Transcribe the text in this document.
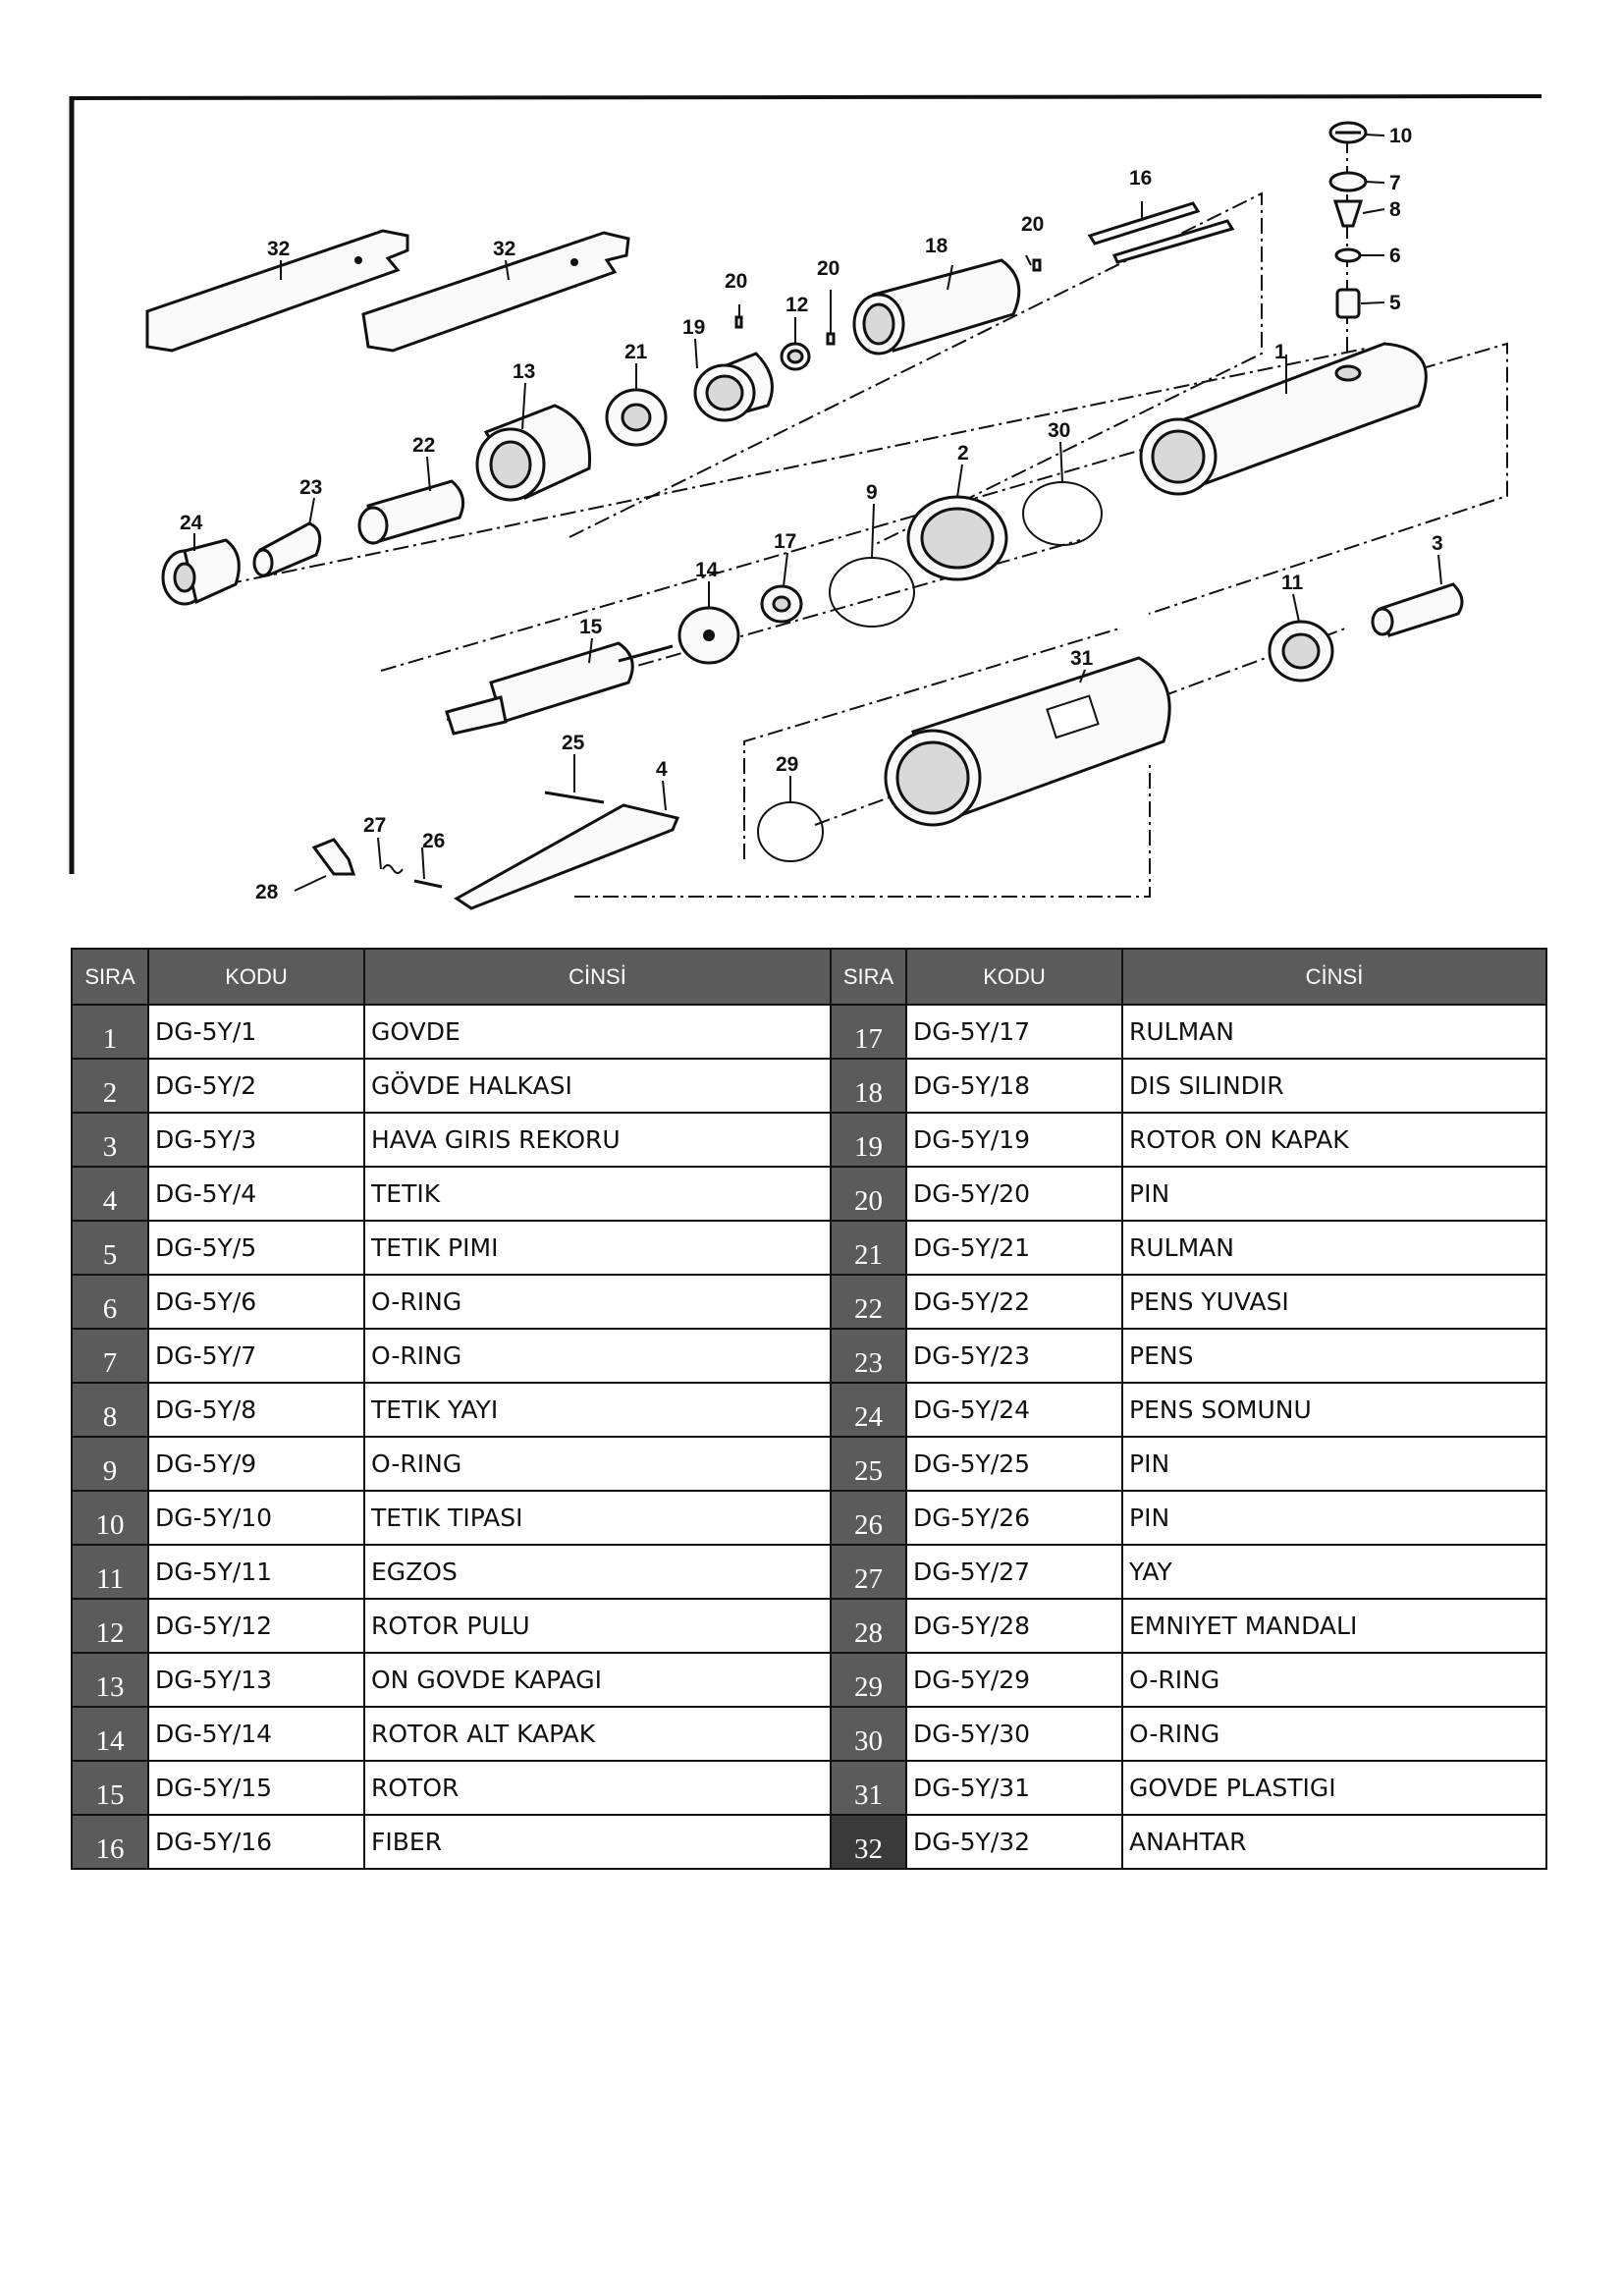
10
7
8
6
5
1
16
20
18
20
20
12
19
21
13
22
23
24
32	32
30
2
9
17
14
15
11
3
31
29
25
4
26
27
28
SIRA	KODU	CİNSİ	SIRA	KODU	CİNSİ
1	DG-5Y/1	GOVDE	17	DG-5Y/17	RULMAN
2	DG-5Y/2	GÖVDE HALKASI	18	DG-5Y/18	DIS SILINDIR
3	DG-5Y/3	HAVA GIRIS REKORU	19	DG-5Y/19	ROTOR ON KAPAK
4	DG-5Y/4	TETIK	20	DG-5Y/20	PIN
5	DG-5Y/5	TETIK PIMI	21	DG-5Y/21	RULMAN
6	DG-5Y/6	O-RING	22	DG-5Y/22	PENS YUVASI
7	DG-5Y/7	O-RING	23	DG-5Y/23	PENS
8	DG-5Y/8	TETIK YAYI	24	DG-5Y/24	PENS SOMUNU
9	DG-5Y/9	O-RING	25	DG-5Y/25	PIN
10	DG-5Y/10	TETIK TIPASI	26	DG-5Y/26	PIN
11	DG-5Y/11	EGZOS	27	DG-5Y/27	YAY
12	DG-5Y/12	ROTOR PULU	28	DG-5Y/28	EMNIYET MANDALI
13	DG-5Y/13	ON GOVDE KAPAGI	29	DG-5Y/29	O-RING
14	DG-5Y/14	ROTOR ALT KAPAK	30	DG-5Y/30	O-RING
15	DG-5Y/15	ROTOR	31	DG-5Y/31	GOVDE PLASTIGI
16	DG-5Y/16	FIBER	32	DG-5Y/32	ANAHTAR
